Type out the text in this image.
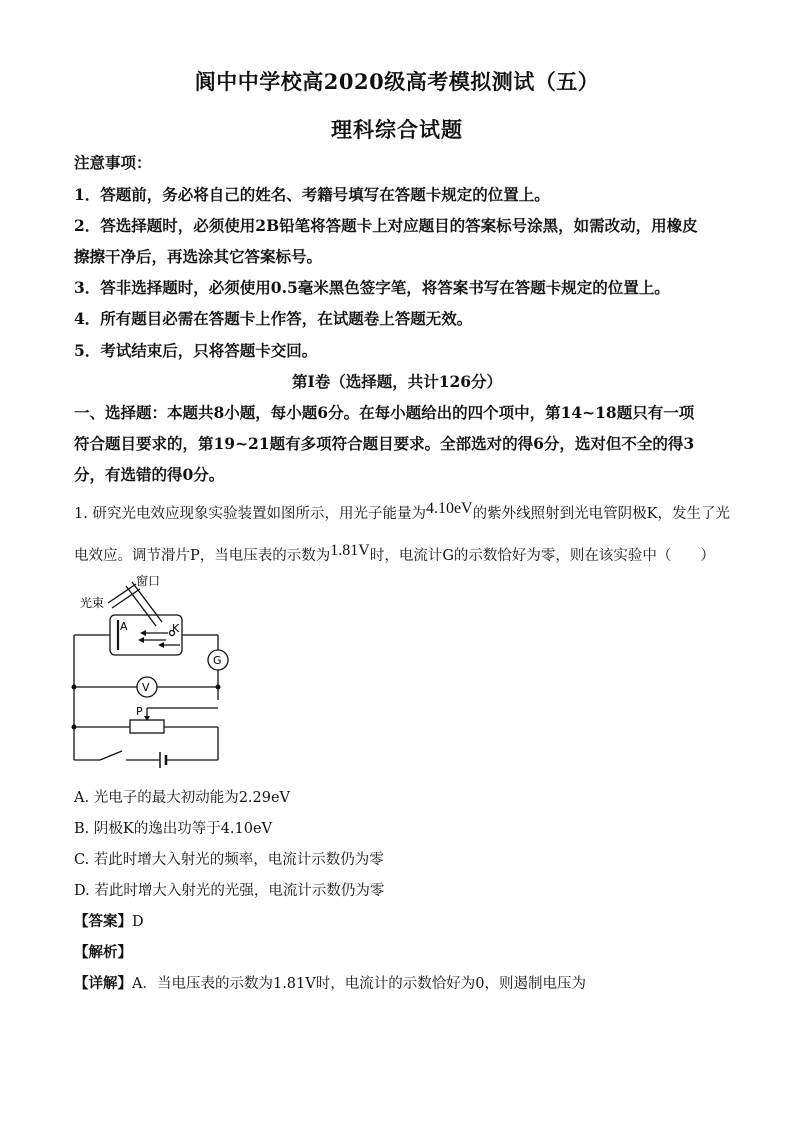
阆中中学校高2020级高考模拟测试（五）
理科综合试题
注意事项：
1．答题前，务必将自己的姓名、考籍号填写在答题卡规定的位置上。
2．答选择题时，必须使用2B铅笔将答题卡上对应题目的答案标号涂黑，如需改动，用橡皮
擦擦干净后，再选涂其它答案标号。
3．答非选择题时，必须使用0.5毫米黑色签字笔，将答案书写在答题卡规定的位置上。
4．所有题目必需在答题卡上作答，在试题卷上答题无效。
5．考试结束后，只将答题卡交回。
第Ⅰ卷（选择题，共计126分）
一、选择题：本题共8小题，每小题6分。在每小题给出的四个项中，第14~18题只有一项
符合题目要求的，第19~21题有多项符合题目要求。全部选对的得6分，选对但不全的得3
分，有选错的得0分。
1. 研究光电效应现象实验装置如图所示，用光子能量为4.10eV的紫外线照射到光电管阴极K，发生了光
电效应。调节滑片P，当电压表的示数为1.81V时，电流计G的示数恰好为零，则在该实验中（　　）
窗口
光束
A	K
G
V
P
A. 光电子的最大初动能为2.29eV
B. 阴极K的逸出功等于4.10eV
C. 若此时增大入射光的频率，电流计示数仍为零
D. 若此时增大入射光的光强，电流计示数仍为零
【答案】D
【解析】
【详解】A．当电压表的示数为1.81V时，电流计的示数恰好为0，则遏制电压为
